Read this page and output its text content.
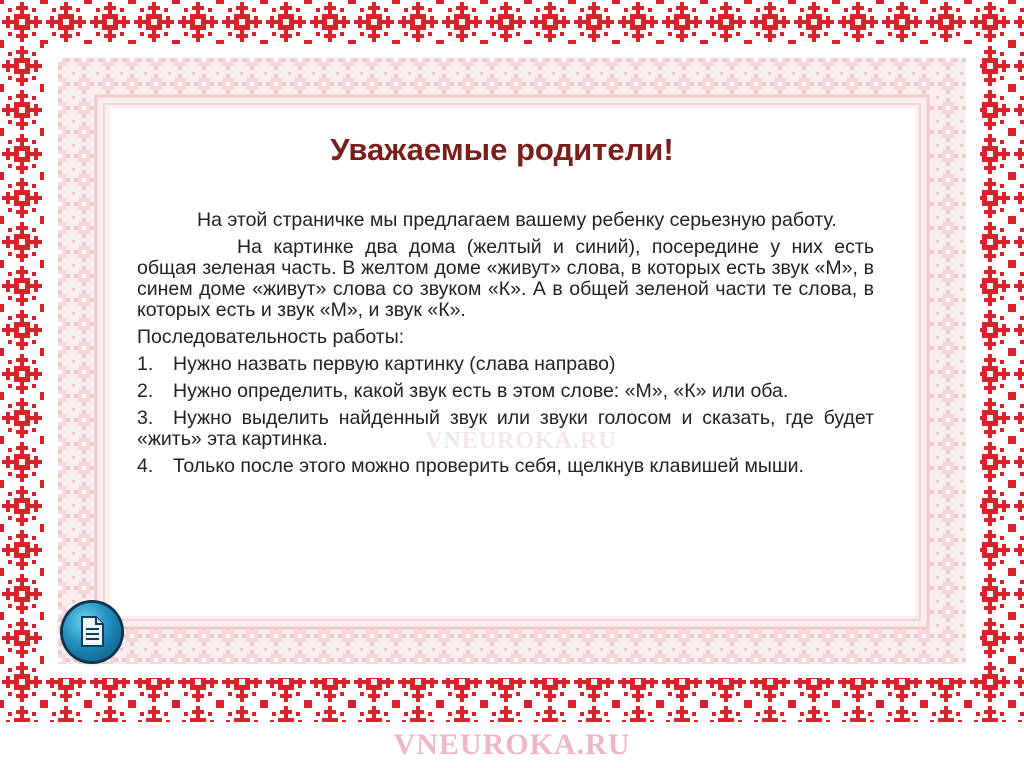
Уважаемые родители!

На этой страничке мы предлагаем вашему ребенку серьезную работу.

На картинке два дома (желтый и синий), посередине у них есть общая зеленая часть. В желтом доме «живут» слова, в которых есть звук «М», в синем доме «живут» слова со звуком «К». А в общей зеленой части те слова, в которых есть и звук «М», и звук «К».

Последовательность работы:

1. Нужно назвать первую картинку (слава направо)

2. Нужно определить, какой звук есть в этом слове: «М», «К» или оба.

3. Нужно выделить найденный звук или звуки голосом и сказать, где будет «жить» эта картинка.

4. Только после этого можно проверить себя, щелкнув клавишей мыши.

VNEUROKA.RU
VNEUROKA.RU
